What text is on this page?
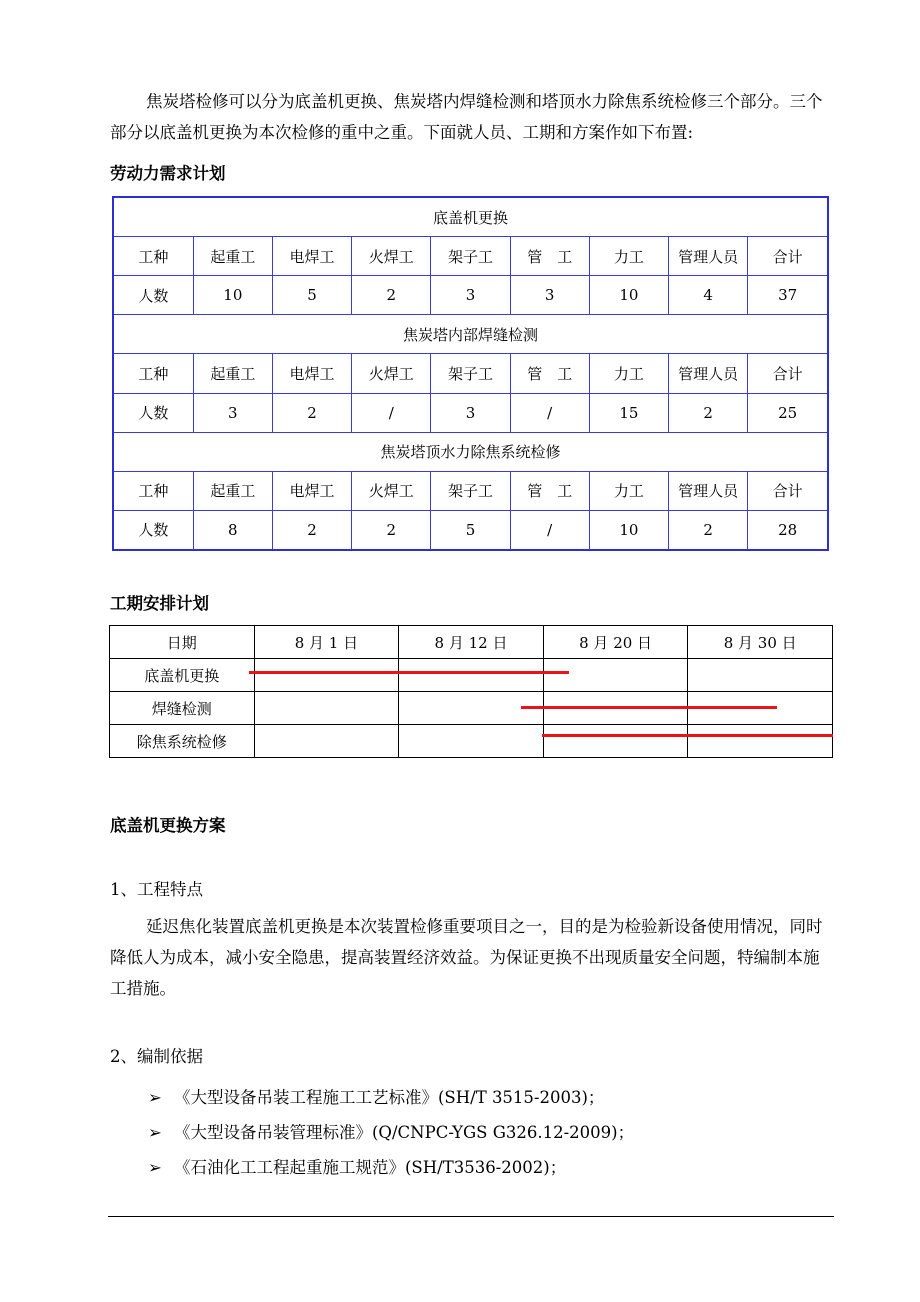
焦炭塔检修可以分为底盖机更换、焦炭塔内焊缝检测和塔顶水力除焦系统检修三个部分。三个部分以底盖机更换为本次检修的重中之重。下面就人员、工期和方案作如下布置:

劳动力需求计划

底盖机更换								
工种	起重工	电焊工	火焊工	架子工	管　工	力工	管理人员	合计
人数	10	5	2	3	3	10	4	37
焦炭塔内部焊缝检测								
工种	起重工	电焊工	火焊工	架子工	管　工	力工	管理人员	合计
人数	3	2	/	3	/	15	2	25
焦炭塔顶水力除焦系统检修								
工种	起重工	电焊工	火焊工	架子工	管　工	力工	管理人员	合计
人数	8	2	2	5	/	10	2	28

工期安排计划

日期	8 月 1 日	8 月 12 日	8 月 20 日	8 月 30 日
底盖机更换				
焊缝检测				
除焦系统检修				

底盖机更换方案

1、工程特点

延迟焦化装置底盖机更换是本次装置检修重要项目之一，目的是为检验新设备使用情况，同时降低人为成本，减小安全隐患，提高装置经济效益。为保证更换不出现质量安全问题，特编制本施工措施。

2、编制依据

➢ 《大型设备吊装工程施工工艺标准》(SH/T 3515-2003)；
➢ 《大型设备吊装管理标准》(Q/CNPC-YGS G326.12-2009)；
➢ 《石油化工工程起重施工规范》(SH/T3536-2002)；
